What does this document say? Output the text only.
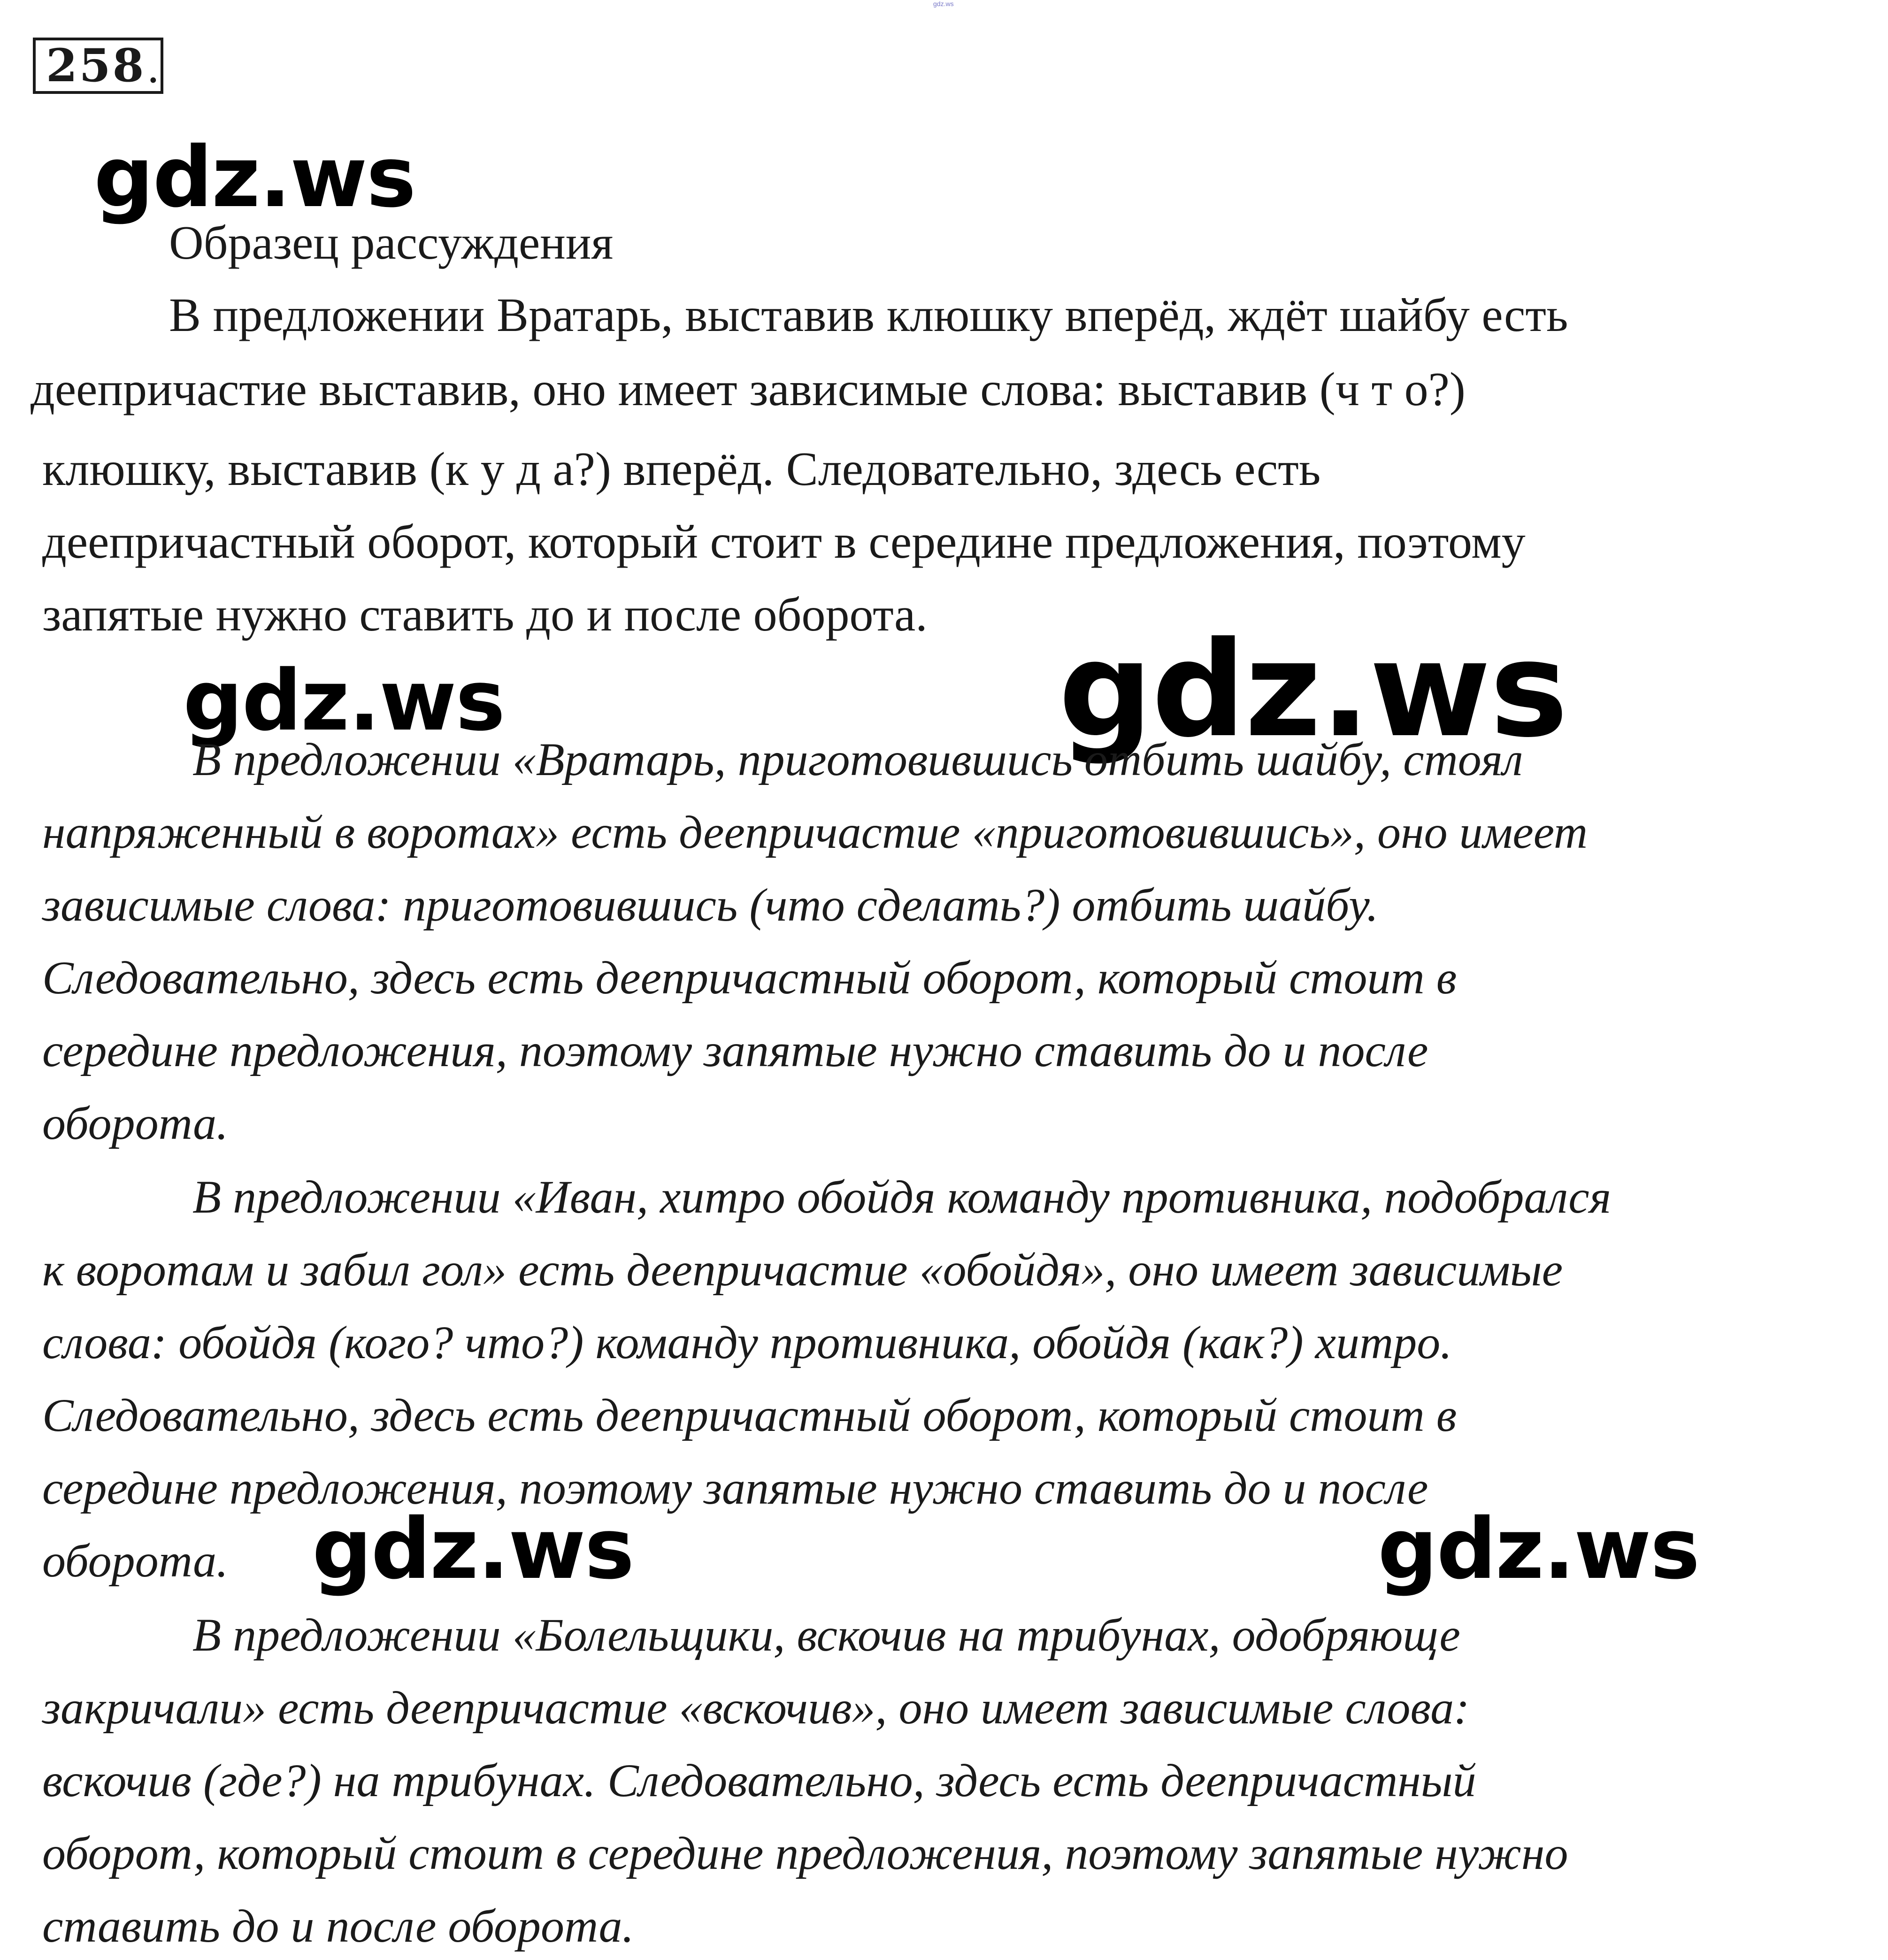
gdz.ws
258 .
gdz.ws
Образец рассуждения
В предложении Вратарь, выставив клюшку вперёд, ждёт шайбу есть
деепричастие выставив, оно имеет зависимые слова: выставив (ч т о?)
клюшку, выставив (к у д а?) вперёд. Следовательно, здесь есть
деепричастный оборот, который стоит в середине предложения, поэтому
запятые нужно ставить до и после оборота.
gdz.ws	gdz.ws
В предложении «Вратарь, приготовившись отбить шайбу, стоял
напряженный в воротах» есть деепричастие «приготовившись», оно имеет
зависимые слова: приготовившись (что сделать?) отбить шайбу.
Следовательно, здесь есть деепричастный оборот, который стоит в
середине предложения, поэтому запятые нужно ставить до и после
оборота.
В предложении «Иван, хитро обойдя команду противника, подобрался
к воротам и забил гол» есть деепричастие «обойдя», оно имеет зависимые
слова: обойдя (кого? что?) команду противника, обойдя (как?) хитро.
Следовательно, здесь есть деепричастный оборот, который стоит в
середине предложения, поэтому запятые нужно ставить до и после
оборота. gdz.ws	gdz.ws
В предложении «Болельщики, вскочив на трибунах, одобряюще
закричали» есть деепричастие «вскочив», оно имеет зависимые слова:
вскочив (где?) на трибунах. Следовательно, здесь есть деепричастный
оборот, который стоит в середине предложения, поэтому запятые нужно
ставить до и после оборота.
